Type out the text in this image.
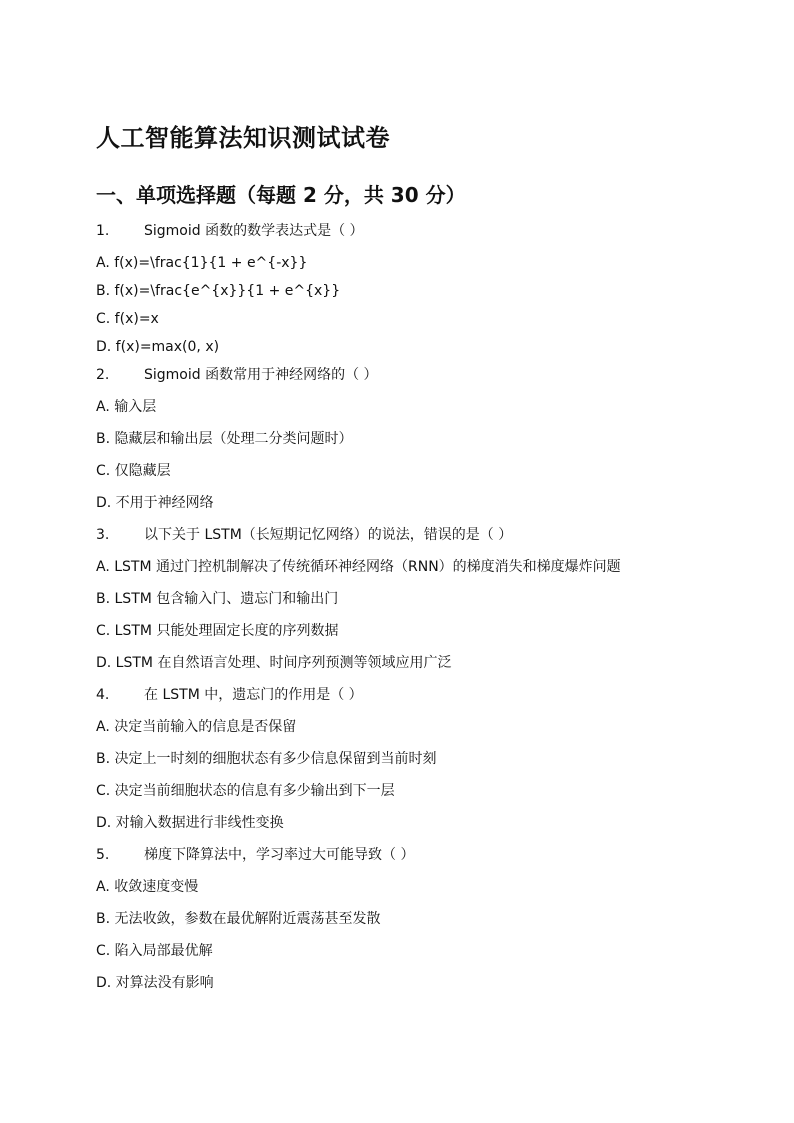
人工智能算法知识测试试卷
一、单项选择题（每题 2 分，共 30 分）
1.	Sigmoid 函数的数学表达式是（ ）
A. f(x)=\frac{1}{1 + e^{-x}}
B. f(x)=\frac{e^{x}}{1 + e^{x}}
C. f(x)=x
D. f(x)=max(0, x)
2.	Sigmoid 函数常用于神经网络的（ ）
A. 输入层
B. 隐藏层和输出层（处理二分类问题时）
C. 仅隐藏层
D. 不用于神经网络
3.	以下关于 LSTM（长短期记忆网络）的说法，错误的是（ ）
A. LSTM 通过门控机制解决了传统循环神经网络（RNN）的梯度消失和梯度爆炸问题
B. LSTM 包含输入门、遗忘门和输出门
C. LSTM 只能处理固定长度的序列数据
D. LSTM 在自然语言处理、时间序列预测等领域应用广泛
4.	在 LSTM 中，遗忘门的作用是（ ）
A. 决定当前输入的信息是否保留
B. 决定上一时刻的细胞状态有多少信息保留到当前时刻
C. 决定当前细胞状态的信息有多少输出到下一层
D. 对输入数据进行非线性变换
5.	梯度下降算法中，学习率过大可能导致（ ）
A. 收敛速度变慢
B. 无法收敛，参数在最优解附近震荡甚至发散
C. 陷入局部最优解
D. 对算法没有影响
